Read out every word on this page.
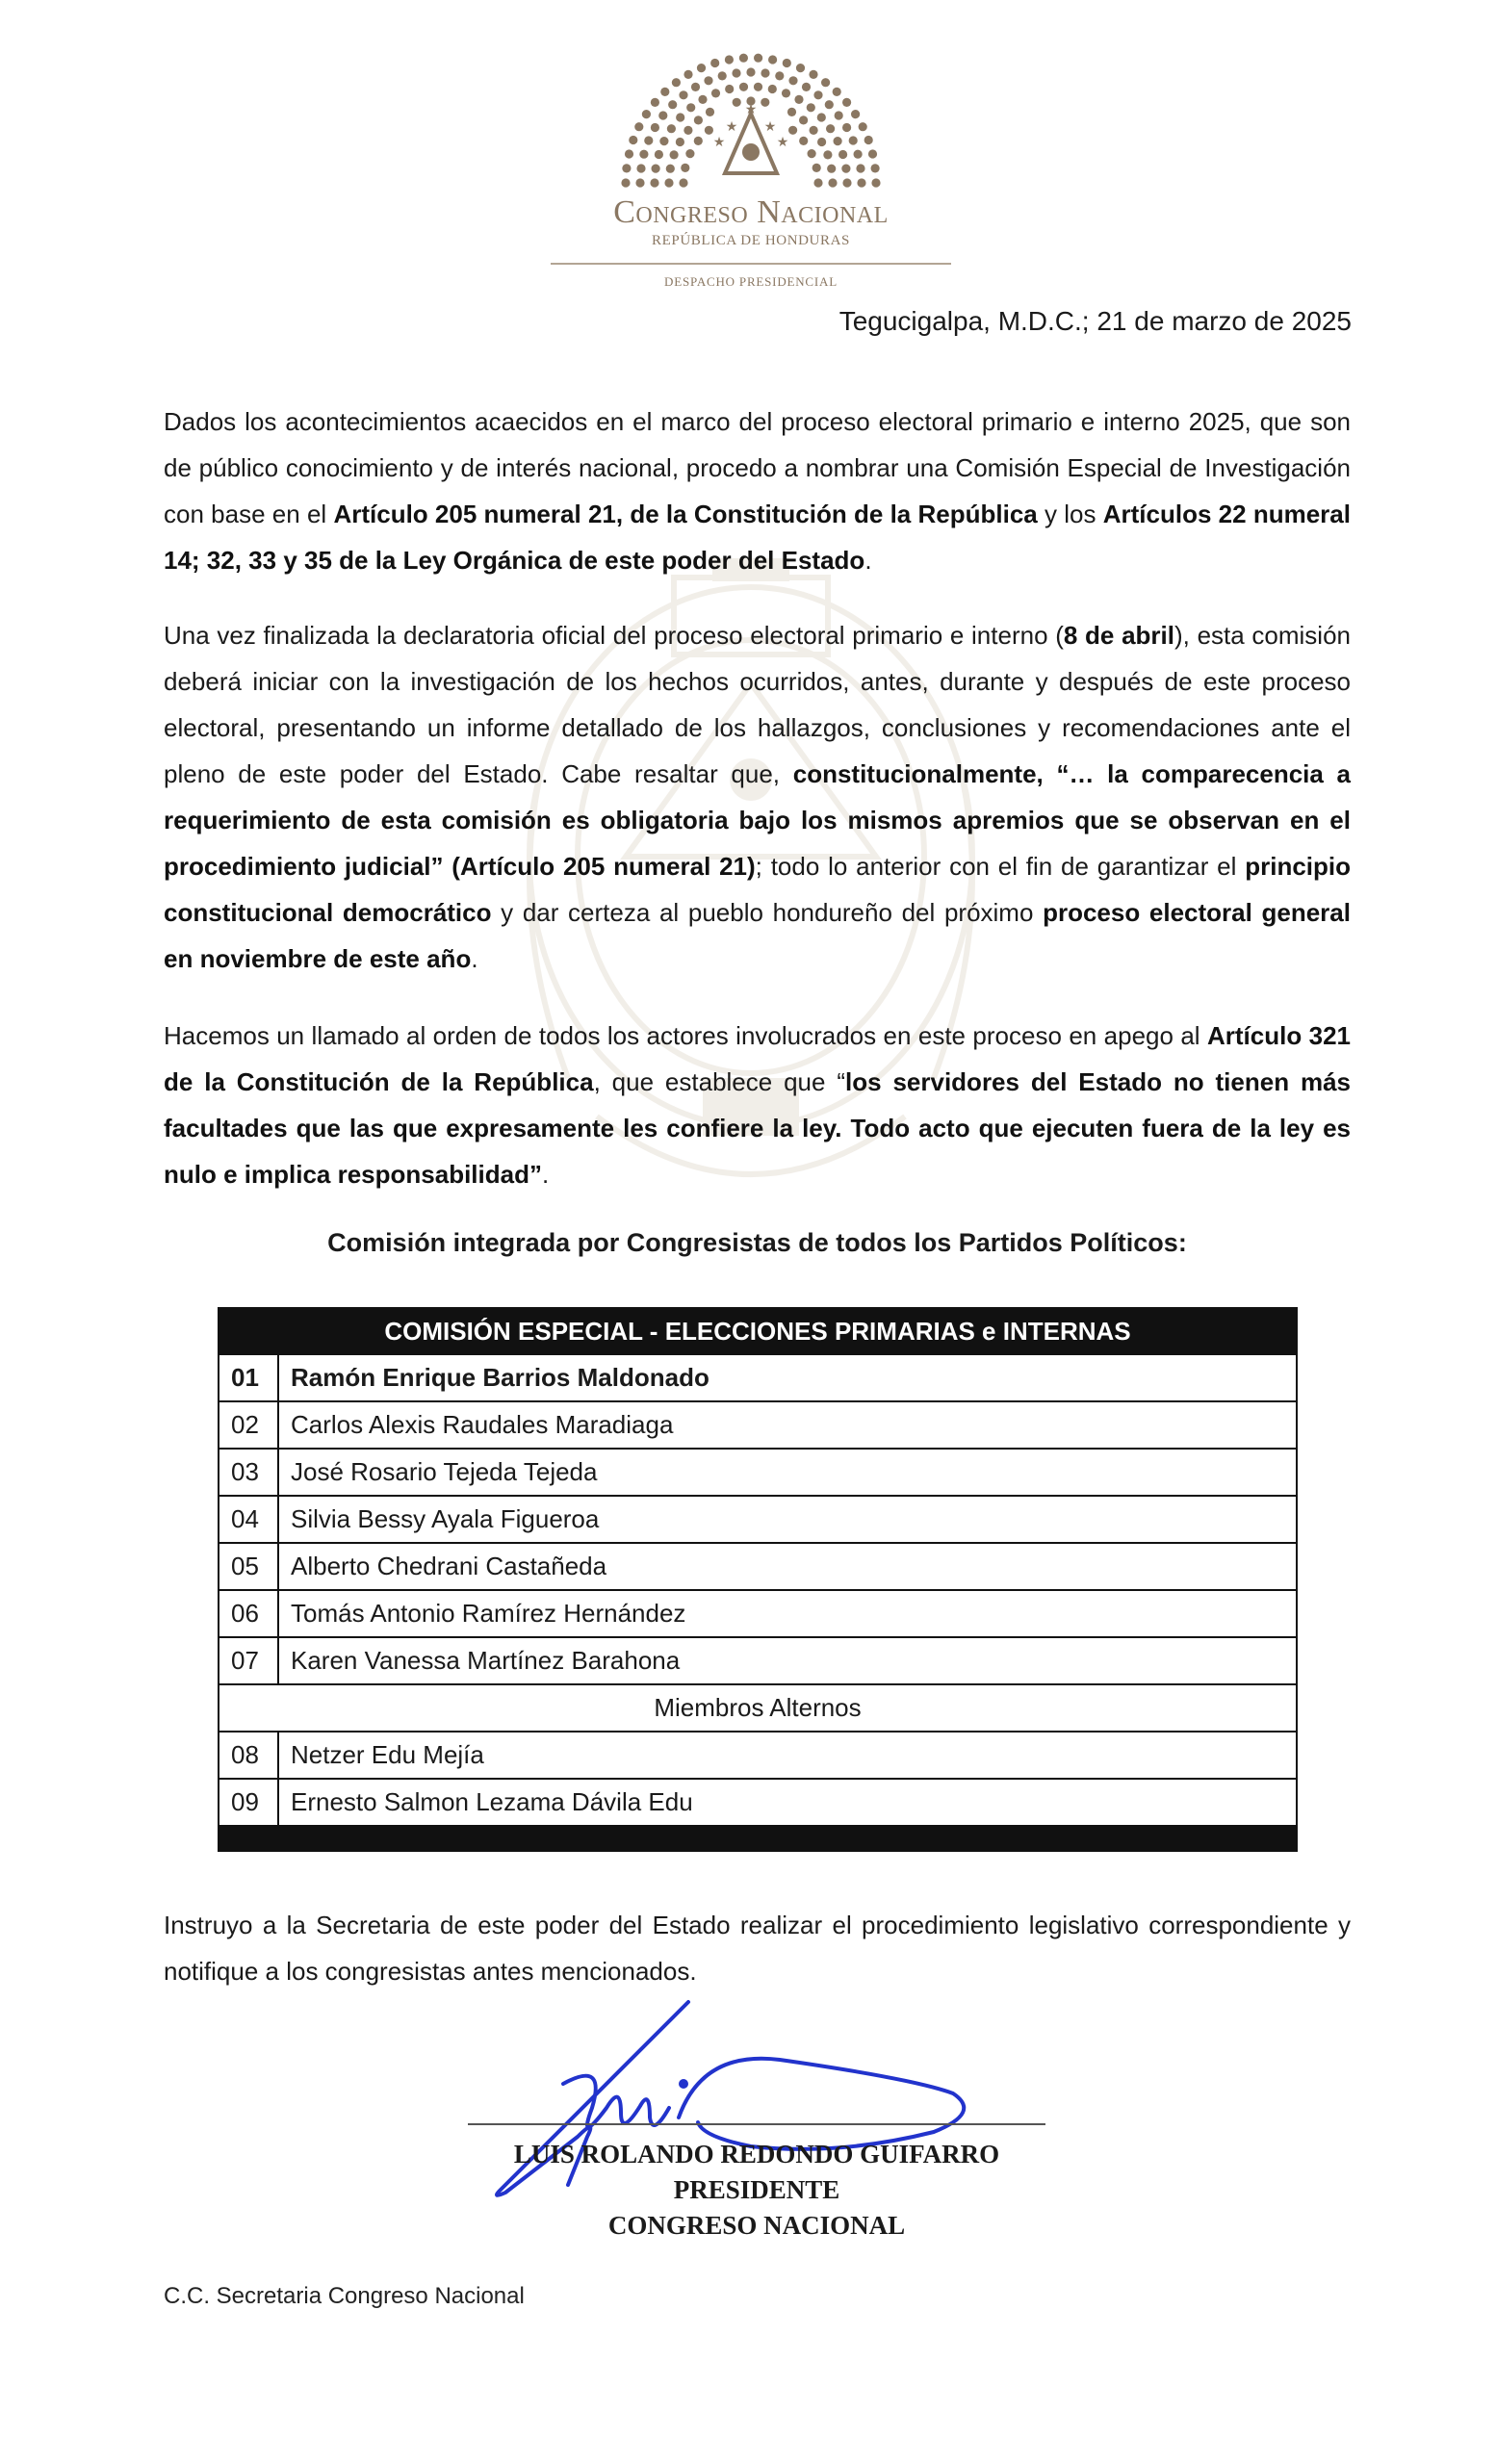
★
★ ★
★
★
Congreso Nacional
REPÚBLICA DE HONDURAS
DESPACHO PRESIDENCIAL
Tegucigalpa, M.D.C.; 21 de marzo de 2025
Dados los acontecimientos acaecidos en el marco del proceso electoral primario e interno 2025, que son de público conocimiento y de interés nacional, procedo a nombrar una Comisión Especial de Investigación con base en el Artículo 205 numeral 21, de la Constitución de la República y los Artículos 22 numeral 14; 32, 33 y 35 de la Ley Orgánica de este poder del Estado.
Una vez finalizada la declaratoria oficial del proceso electoral primario e interno (8 de abril), esta comisión deberá iniciar con la investigación de los hechos ocurridos, antes, durante y después de este proceso electoral, presentando un informe detallado de los hallazgos, conclusiones y recomendaciones ante el pleno de este poder del Estado. Cabe resaltar que, constitucionalmente, “… la comparecencia a requerimiento de esta comisión es obligatoria bajo los mismos apremios que se observan en el procedimiento judicial” (Artículo 205 numeral 21); todo lo anterior con el fin de garantizar el principio constitucional democrático y dar certeza al pueblo hondureño del próximo proceso electoral general en noviembre de este año.
Hacemos un llamado al orden de todos los actores involucrados en este proceso en apego al Artículo 321 de la Constitución de la República, que establece que “los servidores del Estado no tienen más facultades que las que expresamente les confiere la ley. Todo acto que ejecuten fuera de la ley es nulo e implica responsabilidad”.
Comisión integrada por Congresistas de todos los Partidos Políticos:
COMISIÓN ESPECIAL - ELECCIONES PRIMARIAS e INTERNAS	
01	Ramón Enrique Barrios Maldonado
02	Carlos Alexis Raudales Maradiaga
03	José Rosario Tejeda Tejeda
04	Silvia Bessy Ayala Figueroa
05	Alberto Chedrani Castañeda
06	Tomás Antonio Ramírez Hernández
07	Karen Vanessa Martínez Barahona
Miembros Alternos	
08	Netzer Edu Mejía
09	Ernesto Salmon Lezama Dávila Edu

Instruyo a la Secretaria de este poder del Estado realizar el procedimiento legislativo correspondiente y notifique a los congresistas antes mencionados.
LUIS ROLANDO REDONDO GUIFARRO
PRESIDENTE
CONGRESO NACIONAL
C.C. Secretaria Congreso Nacional
